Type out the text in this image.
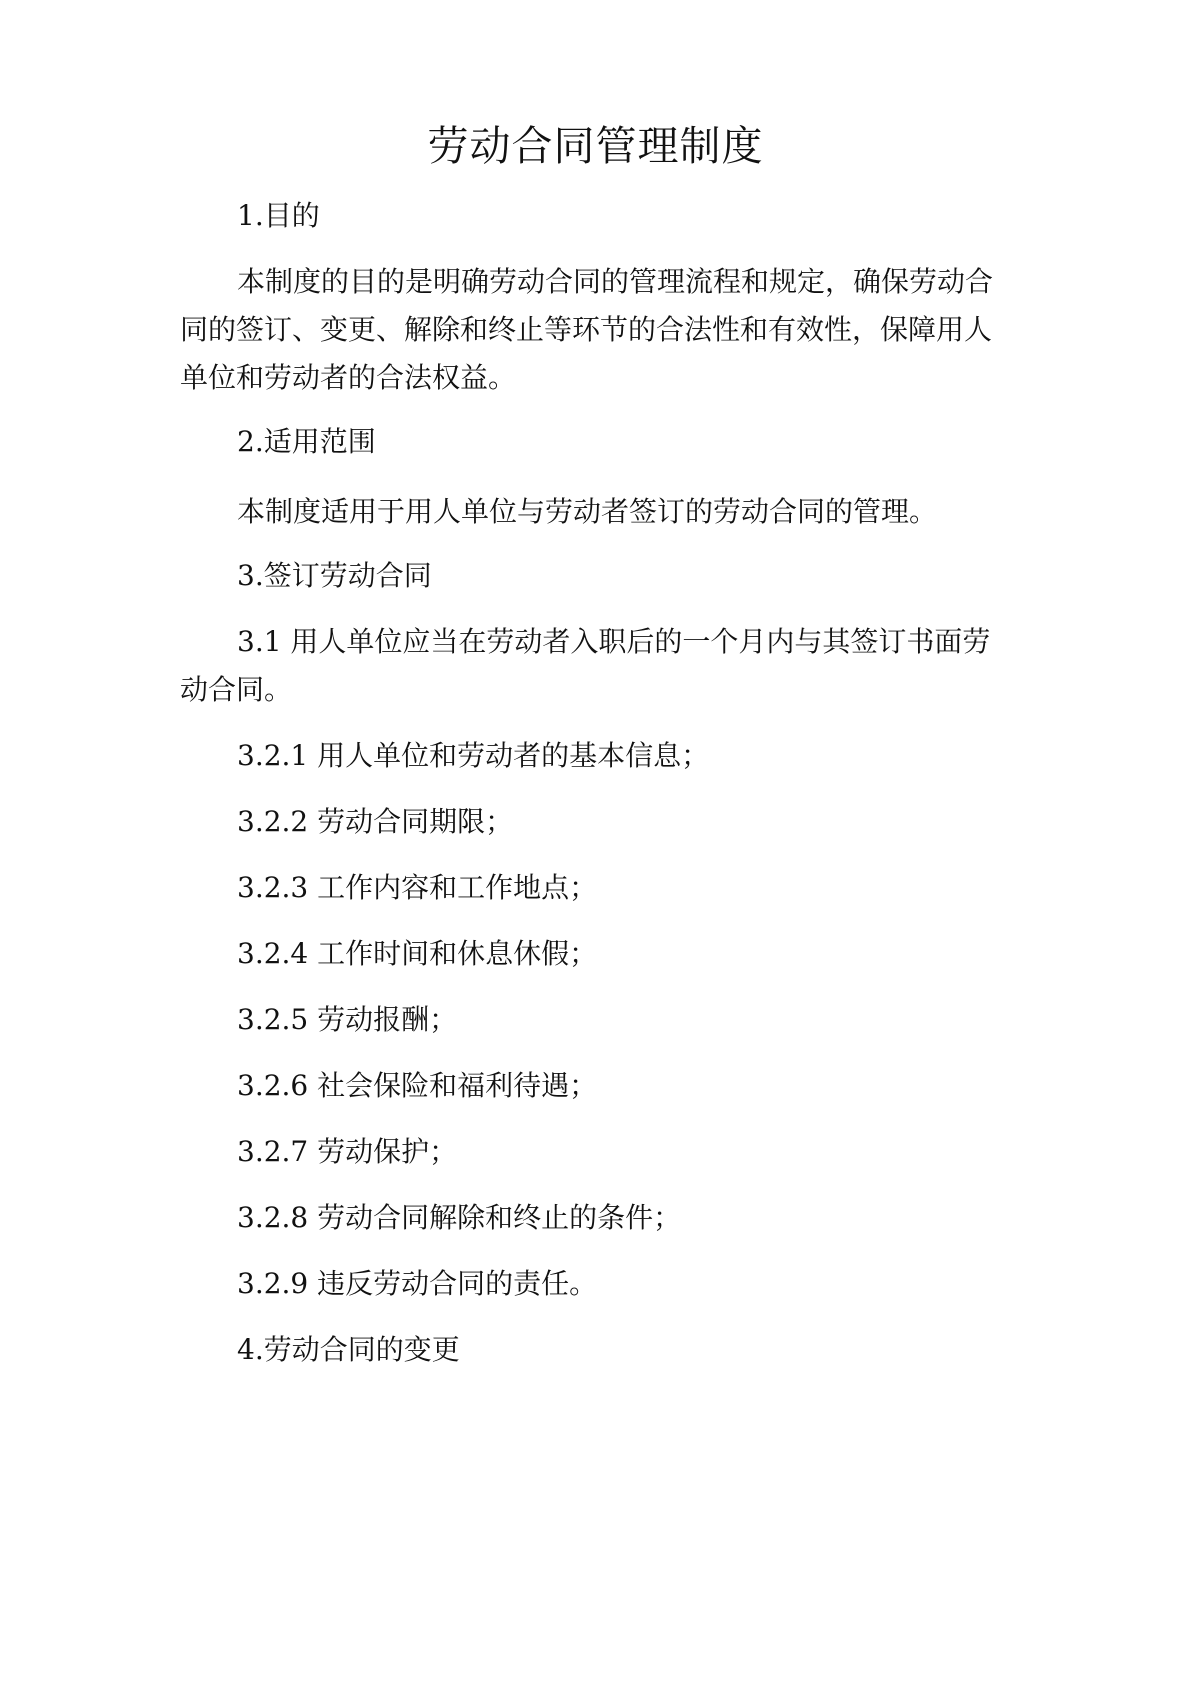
劳动合同管理制度
1.目的
本制度的目的是明确劳动合同的管理流程和规定，确保劳动合
同的签订、变更、解除和终止等环节的合法性和有效性，保障用人
单位和劳动者的合法权益。
2.适用范围
本制度适用于用人单位与劳动者签订的劳动合同的管理。
3.签订劳动合同
3.1 用人单位应当在劳动者入职后的一个月内与其签订书面劳
动合同。
3.2.1 用人单位和劳动者的基本信息；
3.2.2 劳动合同期限；
3.2.3 工作内容和工作地点；
3.2.4 工作时间和休息休假；
3.2.5 劳动报酬；
3.2.6 社会保险和福利待遇；
3.2.7 劳动保护；
3.2.8 劳动合同解除和终止的条件；
3.2.9 违反劳动合同的责任。
4.劳动合同的变更
